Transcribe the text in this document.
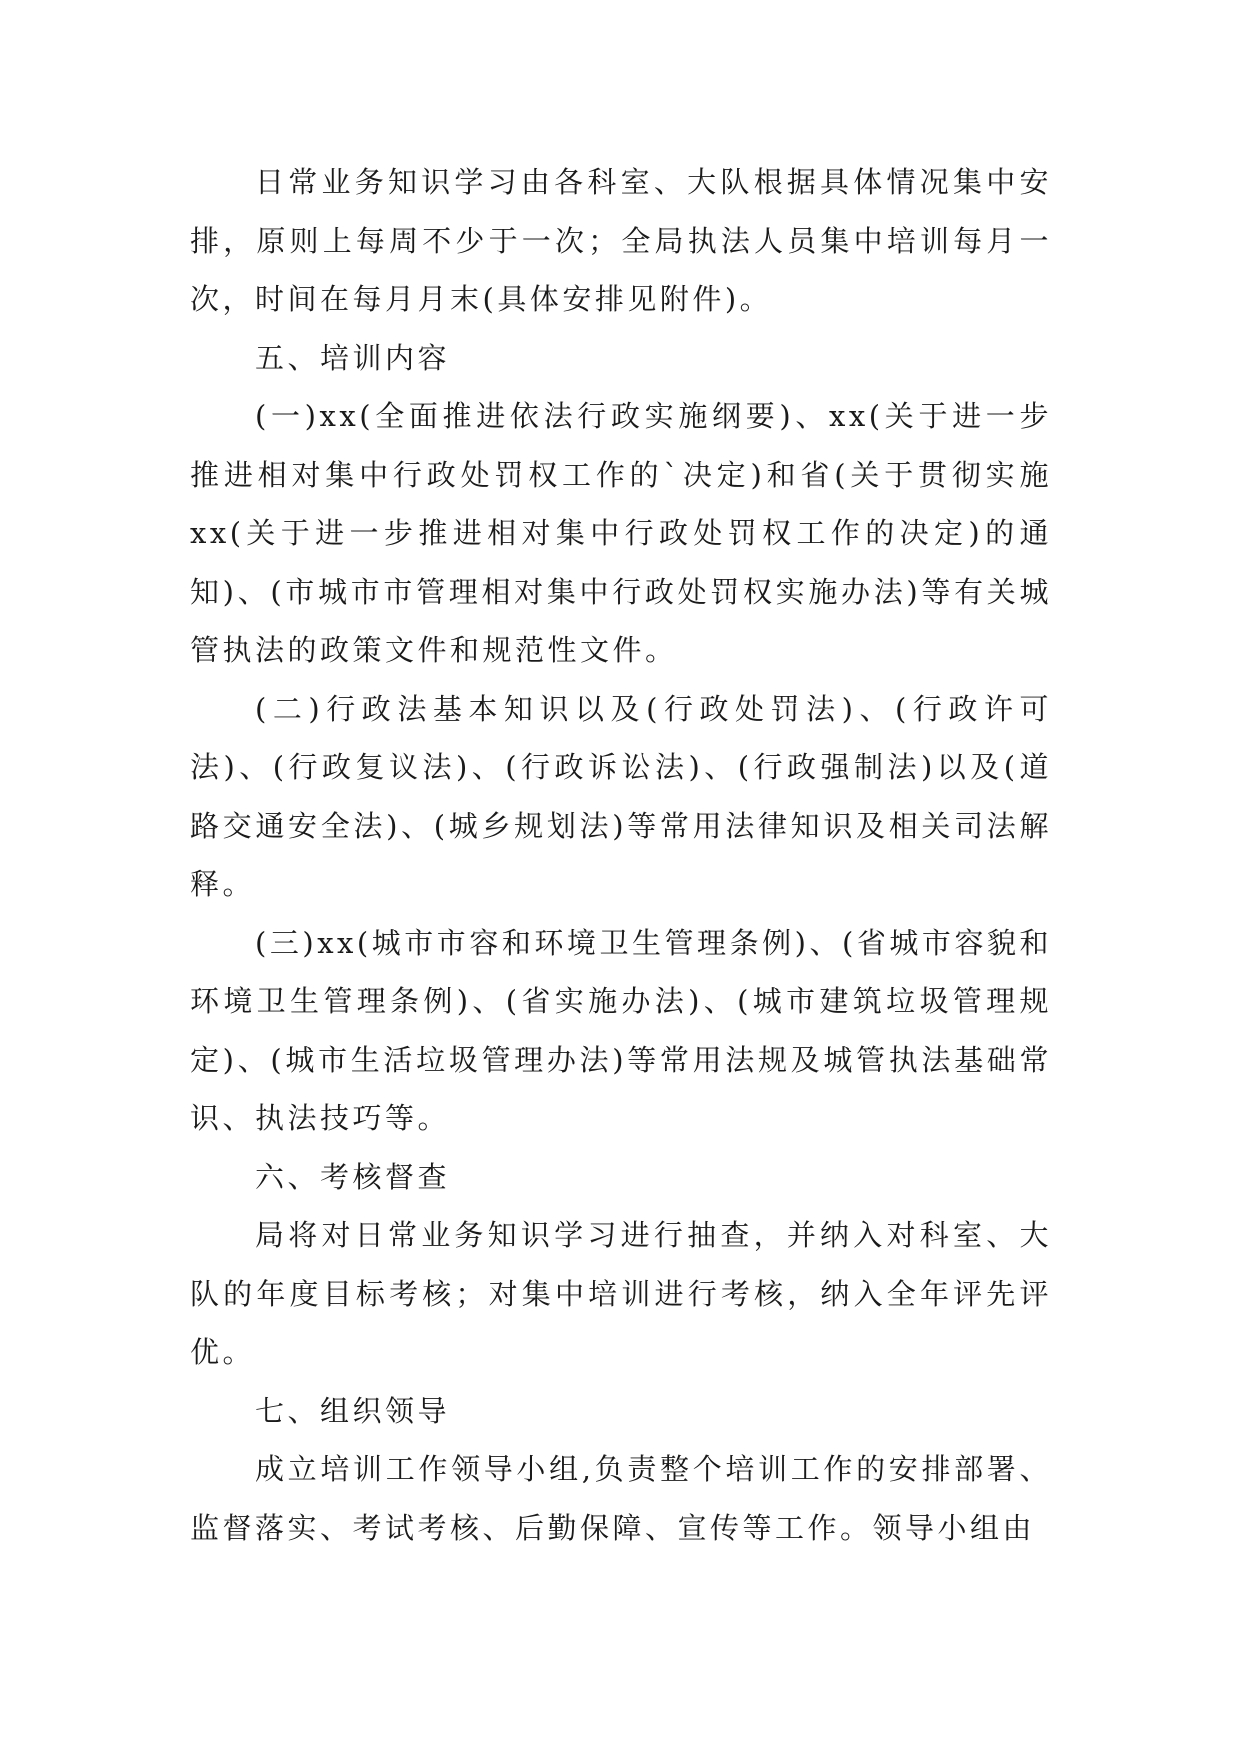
日常业务知识学习由各科室、大队根据具体情况集中安排，原则上每周不少于一次；全局执法人员集中培训每月一次，时间在每月月末(具体安排见附件)。

五、培训内容

(一)xx(全面推进依法行政实施纲要)、xx(关于进一步推进相对集中行政处罚权工作的`决定)和省(关于贯彻实施xx(关于进一步推进相对集中行政处罚权工作的决定)的通知)、(市城市市管理相对集中行政处罚权实施办法)等有关城管执法的政策文件和规范性文件。

(二)行政法基本知识以及(行政处罚法)、(行政许可法)、(行政复议法)、(行政诉讼法)、(行政强制法)以及(道路交通安全法)、(城乡规划法)等常用法律知识及相关司法解释。

(三)xx(城市市容和环境卫生管理条例)、(省城市容貌和环境卫生管理条例)、(省实施办法)、(城市建筑垃圾管理规定)、(城市生活垃圾管理办法)等常用法规及城管执法基础常识、执法技巧等。

六、考核督查

局将对日常业务知识学习进行抽查，并纳入对科室、大队的年度目标考核；对集中培训进行考核，纳入全年评先评优。

七、组织领导

成立培训工作领导小组,负责整个培训工作的安排部署、监督落实、考试考核、后勤保障、宣传等工作。领导小组由
